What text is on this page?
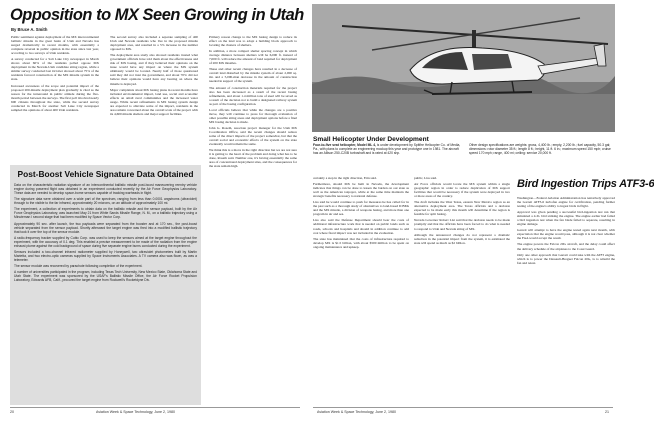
Opposition to MX Seen Growing in Utah
By Bruce A. Smith

Public sentiment against deployment of the MX intercontinental ballistic missile in the great basin of Utah and Nevada has surged dramatically in recent months, with essentially a complete reversal in public opinion in the state since last year, according to two surveys of Utah residents.

A survey conducted for a Salt Lake City newspaper in March shows about 60% of the residents polled oppose MX deployment in the Nevada-Utah candidate siting region, while a similar survey conducted last October showed about 75% of the residents favored construction of the MX missile system in the state.

Increased awareness of the scope and potential impact of the proposed 200-missile deployment plan gradually is cited as the reason for the turnaround in public attitude during the five-month period between the surveys. The first poll involved nearly 600 citizens throughout the state, while the second survey conducted in March for another Salt Lake City newspaper sampled the opinions of about 400 Utah residents.

The second survey also included a separate sampling of 400 Utah and Nevada residents who live in the proposed missile deployment area, and resulted in a 5% increase in the number opposed to MX.

The deployment area study also showed residents trusted what government officials have told them about the effectiveness and risk of MX basing, and if they believed their opinions on the issue would have any impact on where the MX system ultimately would be located. Nearly half of those questioned said they did not trust the government, and about 70% did not believe their opinions would have any bearing on where the missile is deployed.

Major complaints about MX basing plans in recent months have included environmental impact, land use, social and economic effects on small rural communities and the increased water usage. While recent refinements in MX basing system design are expected to alleviate some of the impact, residents in the area remain concerned about the overall scale of the project with its 4,600 missile shelters and major support facilities.

Primary reason change to the MX basing design to reduce its effect on the land was to adopt a building block approach to locating the clusters of shelters.

In addition, a more compact shelter spacing concept in which average distance between shelters will be 6,000 ft. instead of 7,000 ft. will reduce the amount of land required for deployment of 200 MX missiles.

These and other recent changes have resulted in a decrease of overall land disturbed by the missile system of about 2,000 sq. mi. and a 5,000-man decrease in the amount of construction needed in support of the system.

The amount of construction materials required for the project also has been decreased as a result of the recent basing refinements, and about 1.4 million tons of steel will be saved as a result of the decision not to build a designated railway system as part of the basing configuration.

Local officials believe that while the changes are a positive move, they will continue to press for thorough evaluation of other possible siting areas and deployment options before a final MX basing decision is made.

John G. Roseth, associate project manager for the Utah MX Coordination Office, said the recent changes should reduce some of the direct impacts of the project somewhat, but that the overall social and economic effects of the system on the state eventually would remain the same.

We think this is a move in the right direction but we are not sure it is getting to the heart of the problem and doing what has to be done, Roseth said. Number one, it's having essentially the same area of concentrated deployment sites, and the consequences for the state remain high.

Post-Boost Vehicle Signature Data Obtained

Data on the characteristic radiation signature of an intercontinental ballistic missile post-boost maneuvering reentry vehicle engine during powered flight was obtained in an experiment conducted recently by the Air Force Geophysics Laboratory. These data are needed to develop space-borne sensors capable of tracking warheads in flight.

The signature data were obtained over a wide part of the spectrum, ranging from less than 0.0001 angstroms (ultraviolet) through to the visible to the far infrared, approximately 20 microns, on an altitude of approximately 100 mi.

The experiment, a collection of experiments to obtain data on the ballistic missile and the sensor payload, built by the Air Force Geophysics Laboratory, was launched May 21 from White Sands Missile Range, N. M., on a ballistic trajectory using a Minuteman I second stage that had been modified by Space Vector Corp.

Approximately 90 sec. after launch, the two payloads were separated from the booster and at 170 sec., the post-boost vehicle separated from the sensor payload. Shortly afterward the target engine was fired into a modified ballistic trajectory that took it over the top of the sensor module.

A radio-frequency tracker supplied by Cubic Corp. was used to keep the sensors aimed at the target engine throughout the experiment, with the accuracy of 0.1 deg. This enabled a precise measurement to be made of the radiation from the engine exhaust plume against the cold background of space during five separate engine burns conducted during the experiment.

Sensors included a two-channel infrared radiometer supplied by Honeywell, two ultraviolet photometers built by Martin Marietta, and two electro-optic cameras supplied by Space Instruments Associates. A TV camera also was flown, as was a telemeter.

The sensor module was recovered by parachute following completion of the experiment.

A number of universities participated in the program, including Texas Tech University, New Mexico State, Oklahoma State and Utah State. The experiment was sponsored by the USAF's Ballistic Missile Office, the Air Force Rocket Propulsion Laboratory, Edwards AFB, Calif., procured the target engine from Rockwell's Rocketdyne Div.

20	Aviation Week & Space Technology, June 2, 1980
Small Helicopter Under Development

Four-to-five seat helicopter, Model ML 4, is under development by Spitfire Helicopter Co. of Media, Pa., with plans to complete an engineering mockup this year and prototype one in 1981. The aircraft has an Allison 250-C20B turboshaft and is rated at 420 shp.

Other design specifications are weights: gross, 4,400 lb.; empty, 2,200 lb.; fuel capacity, 50.3 gal; dimensions: rotor diameter 35 ft.; length 8 ft.; height, 11 ft. 6 in.; maximum speed 150 mph; cruise speed 170 mph; range, 400 mi; ceiling: service 20,000 ft.

certainly a step in the right direction, Erin said.

Furthermore, should MX be built in Nevada, the development indicates that things can be done to lessen the burden on our state as well as the American taxpayer, while at the same time maintain the strategic benefits necessary to national defense.

Liss said he would continue to push for measures he has called for in the past such as a thorough study of alternatives to land-based ICBMs and the MX missile, a division of weapons basing, and more than one program in air and sea.

Liss also said the Defense Department should bear the costs of additional infrastructure work that is needed on public lands such as roads, schools and hospitals and should in addition continue to add cost where fiscal impact was not included in the evaluation.

The state has maintained that the costs of infrastructure required to develop MX is $1.5 billion, with about $500 million to be spent on ongoing maintenance and upkeep.

public, Liss said.

Air Force officials would locate the MX system within a single geographic region in order to reduce duplication of MX support facilities that would be necessary if the system were deployed in two or more areas of the country.

The draft includes the West Texas, eastern New Mexico region as an alternative deployment area. The Texas officials and a decision expected to be made early this month will determine if the region is feasible for split basing.

Nevada Governor Robert List said that the decision needs to be made promptly and that the officials have been forced to do what is needed to respond to Utah and Nevada siting of MX.

Although the announced changes do not represent a dramatic reduction in the potential impact from the system, it is estimated the state will spend as much as $2 billion.

Bird Ingestion Trips ATF3-6

Washington—Federal Aviation Administration has tentatively approved the Garrett ATF3-6 turbofan engine for certification, pending further testing of the engine's ability to ingest birds in flight.

Approval was given pending a successful bird-ingestion test run that simulated a 4-lb. bird striking the engine. The engine earlier had failed a bird ingestion test when the fan blade failed to separate, resulting in engine damage.

Garrett will attempt to have the engine tested again next month, with expectation that the engine would pass, although it is not clear whether the FAA would accept the result.

The engine powers the Falcon 20G aircraft, and the delay could affect the delivery schedule of the airplanes to the Coast Guard.

Only one other approach that Garrett could take with the ATF3 engine, which is to power the Dassault-Breguet Falcon 20G, is to rebuild the fan and retest.

Aviation Week & Space Technology, June 2, 1980	21
